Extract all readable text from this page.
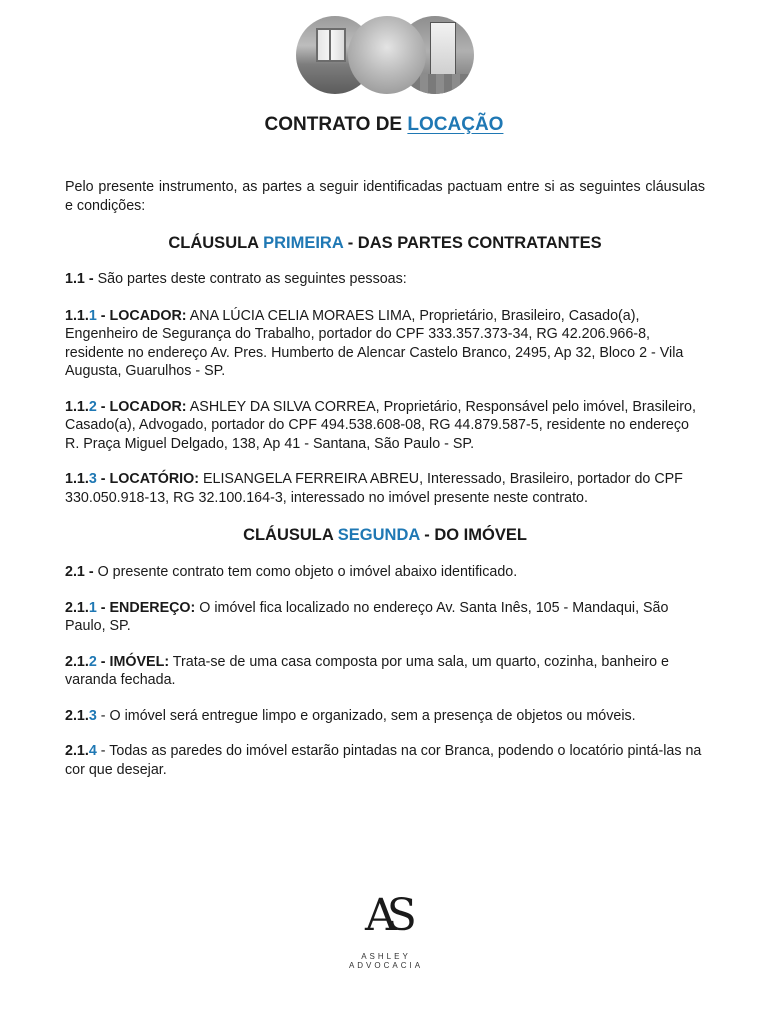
CONTRATO DE LOCAÇÃO

Pelo presente instrumento, as partes a seguir identificadas pactuam entre si as seguintes cláusulas e condições:

CLÁUSULA PRIMEIRA - DAS PARTES CONTRATANTES

1.1 - São partes deste contrato as seguintes pessoas:

1.1.1 - LOCADOR: ANA LÚCIA CELIA MORAES LIMA, Proprietário, Brasileiro, Casado(a), Engenheiro de Segurança do Trabalho, portador do CPF 333.357.373-34, RG 42.206.966-8, residente no endereço Av. Pres. Humberto de Alencar Castelo Branco, 2495, Ap 32, Bloco 2 - Vila Augusta, Guarulhos - SP.

1.1.2 - LOCADOR: ASHLEY DA SILVA CORREA, Proprietário, Responsável pelo imóvel, Brasileiro, Casado(a), Advogado, portador do CPF 494.538.608-08, RG 44.879.587-5, residente no endereço R. Praça Miguel Delgado, 138, Ap 41 - Santana, São Paulo - SP.

1.1.3 - LOCATÓRIO: ELISANGELA FERREIRA ABREU, Interessado, Brasileiro, portador do CPF 330.050.918-13, RG 32.100.164-3, interessado no imóvel presente neste contrato.

CLÁUSULA SEGUNDA - DO IMÓVEL

2.1 - O presente contrato tem como objeto o imóvel abaixo identificado.

2.1.1 - ENDEREÇO: O imóvel fica localizado no endereço Av. Santa Inês, 105 - Mandaqui, São Paulo, SP.

2.1.2 - IMÓVEL: Trata-se de uma casa composta por uma sala, um quarto, cozinha, banheiro e varanda fechada.

2.1.3 - O imóvel será entregue limpo e organizado, sem a presença de objetos ou móveis.

2.1.4 - Todas as paredes do imóvel estarão pintadas na cor Branca, podendo o locatório pintá-las na cor que desejar.

AS
ASHLEY ADVOCACIA
